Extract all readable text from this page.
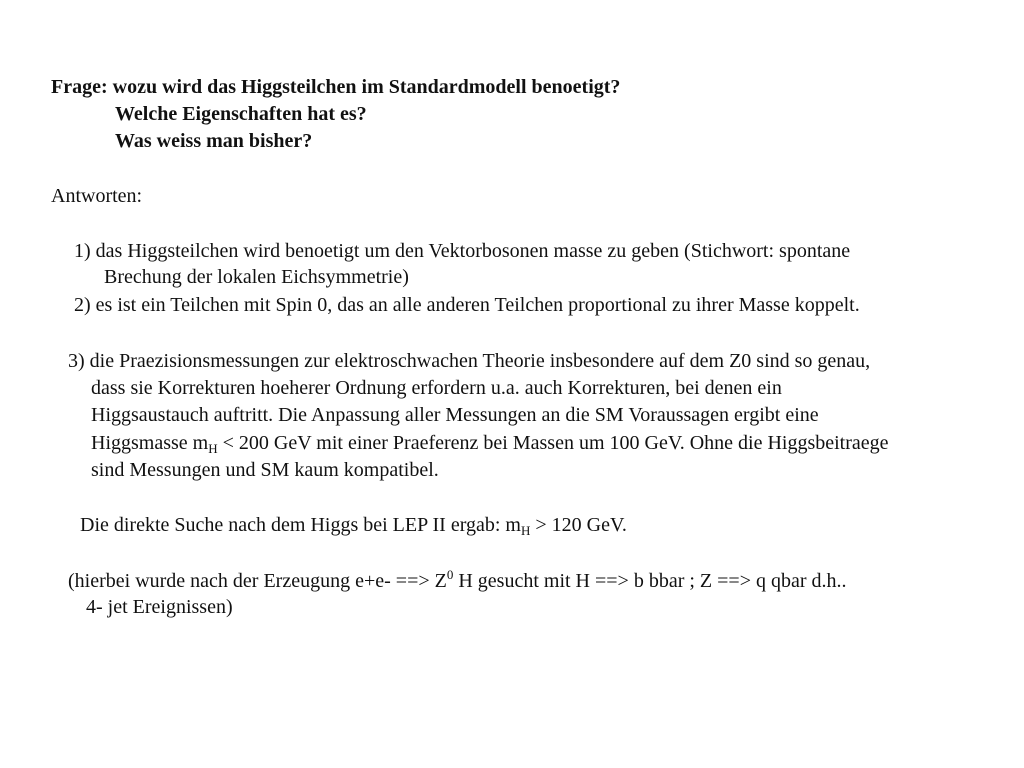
Frage: wozu wird das Higgsteilchen im Standardmodell benoetigt?
Welche Eigenschaften hat es?
Was weiss man bisher?
Antworten:
1) das Higgsteilchen wird benoetigt um den Vektorbosonen masse zu geben (Stichwort: spontane
Brechung der lokalen Eichsymmetrie)
2) es ist ein Teilchen mit Spin 0, das an alle anderen Teilchen proportional zu ihrer Masse koppelt.
3) die Praezisionsmessungen zur elektroschwachen Theorie insbesondere auf dem Z0 sind so genau,
dass sie Korrekturen hoeherer Ordnung erfordern u.a. auch Korrekturen, bei denen ein
Higgsaustauch auftritt. Die Anpassung aller Messungen an die SM Voraussagen ergibt eine
Higgsmasse $m_H < 200$ GeV mit einer Praeferenz bei Massen um 100 GeV. Ohne die Higgsbeitraege
sind Messungen und SM kaum kompatibel.
Die direkte Suche nach dem Higgs bei LEP II ergab: $m_H > 120$ GeV.
(hierbei wurde nach der Erzeugung e+e- ==> $Z^0$ H gesucht mit H ==> b bbar ; Z ==> q qbar d.h..
4- jet Ereignissen)
